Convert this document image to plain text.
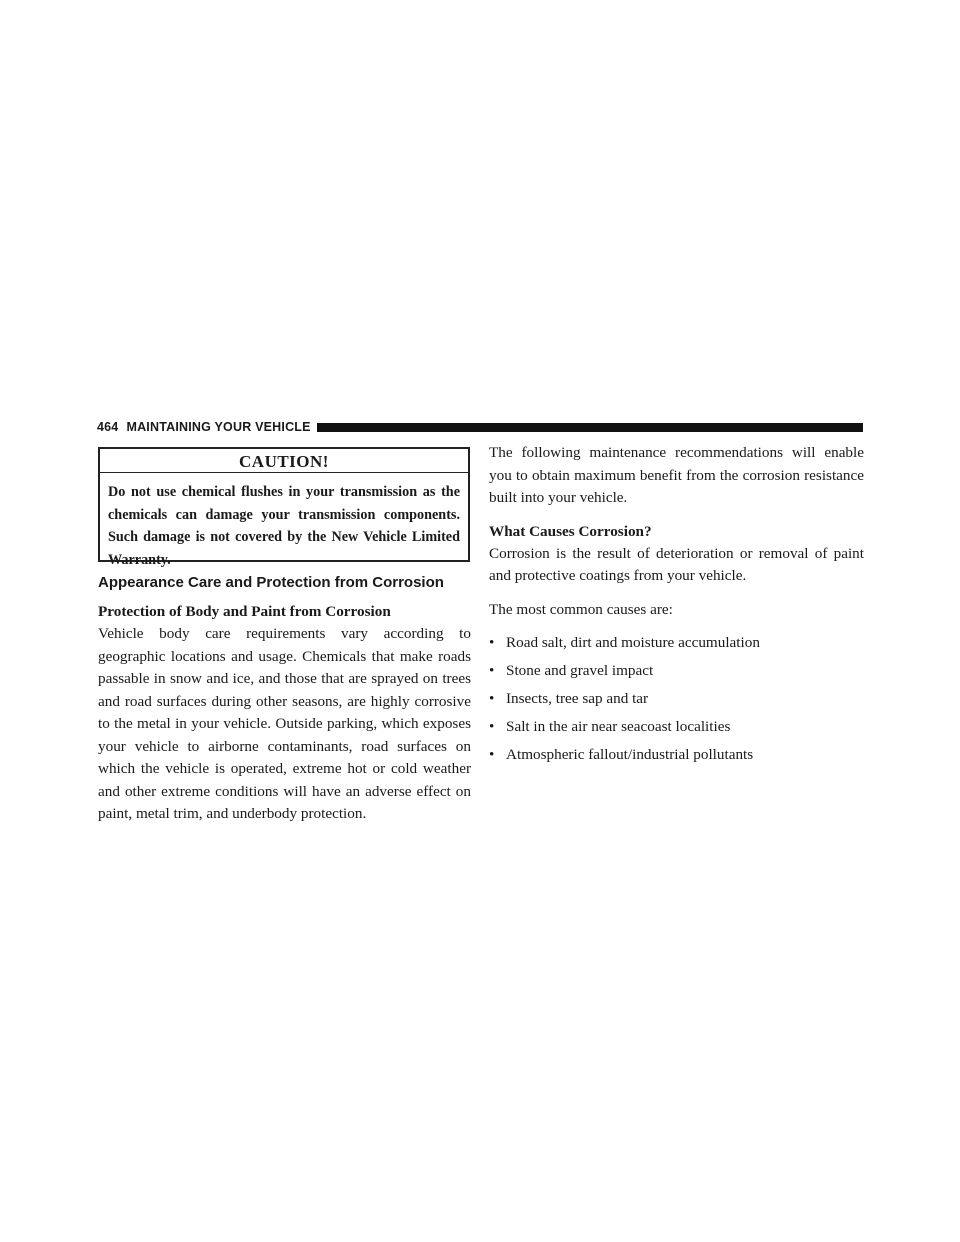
464 MAINTAINING YOUR VEHICLE
CAUTION!
Do not use chemical flushes in your transmission as the chemicals can damage your transmission components. Such damage is not covered by the New Vehicle Limited Warranty.
Appearance Care and Protection from Corrosion
Protection of Body and Paint from Corrosion

Vehicle body care requirements vary according to geographic locations and usage. Chemicals that make roads passable in snow and ice, and those that are sprayed on trees and road surfaces during other seasons, are highly corrosive to the metal in your vehicle. Outside parking, which exposes your vehicle to airborne contaminants, road surfaces on which the vehicle is operated, extreme hot or cold weather and other extreme conditions will have an adverse effect on paint, metal trim, and underbody protection.

The following maintenance recommendations will enable you to obtain maximum benefit from the corrosion resistance built into your vehicle.

What Causes Corrosion?

Corrosion is the result of deterioration or removal of paint and protective coatings from your vehicle.

The most common causes are:

• Road salt, dirt and moisture accumulation
• Stone and gravel impact
• Insects, tree sap and tar
• Salt in the air near seacoast localities
• Atmospheric fallout/industrial pollutants
